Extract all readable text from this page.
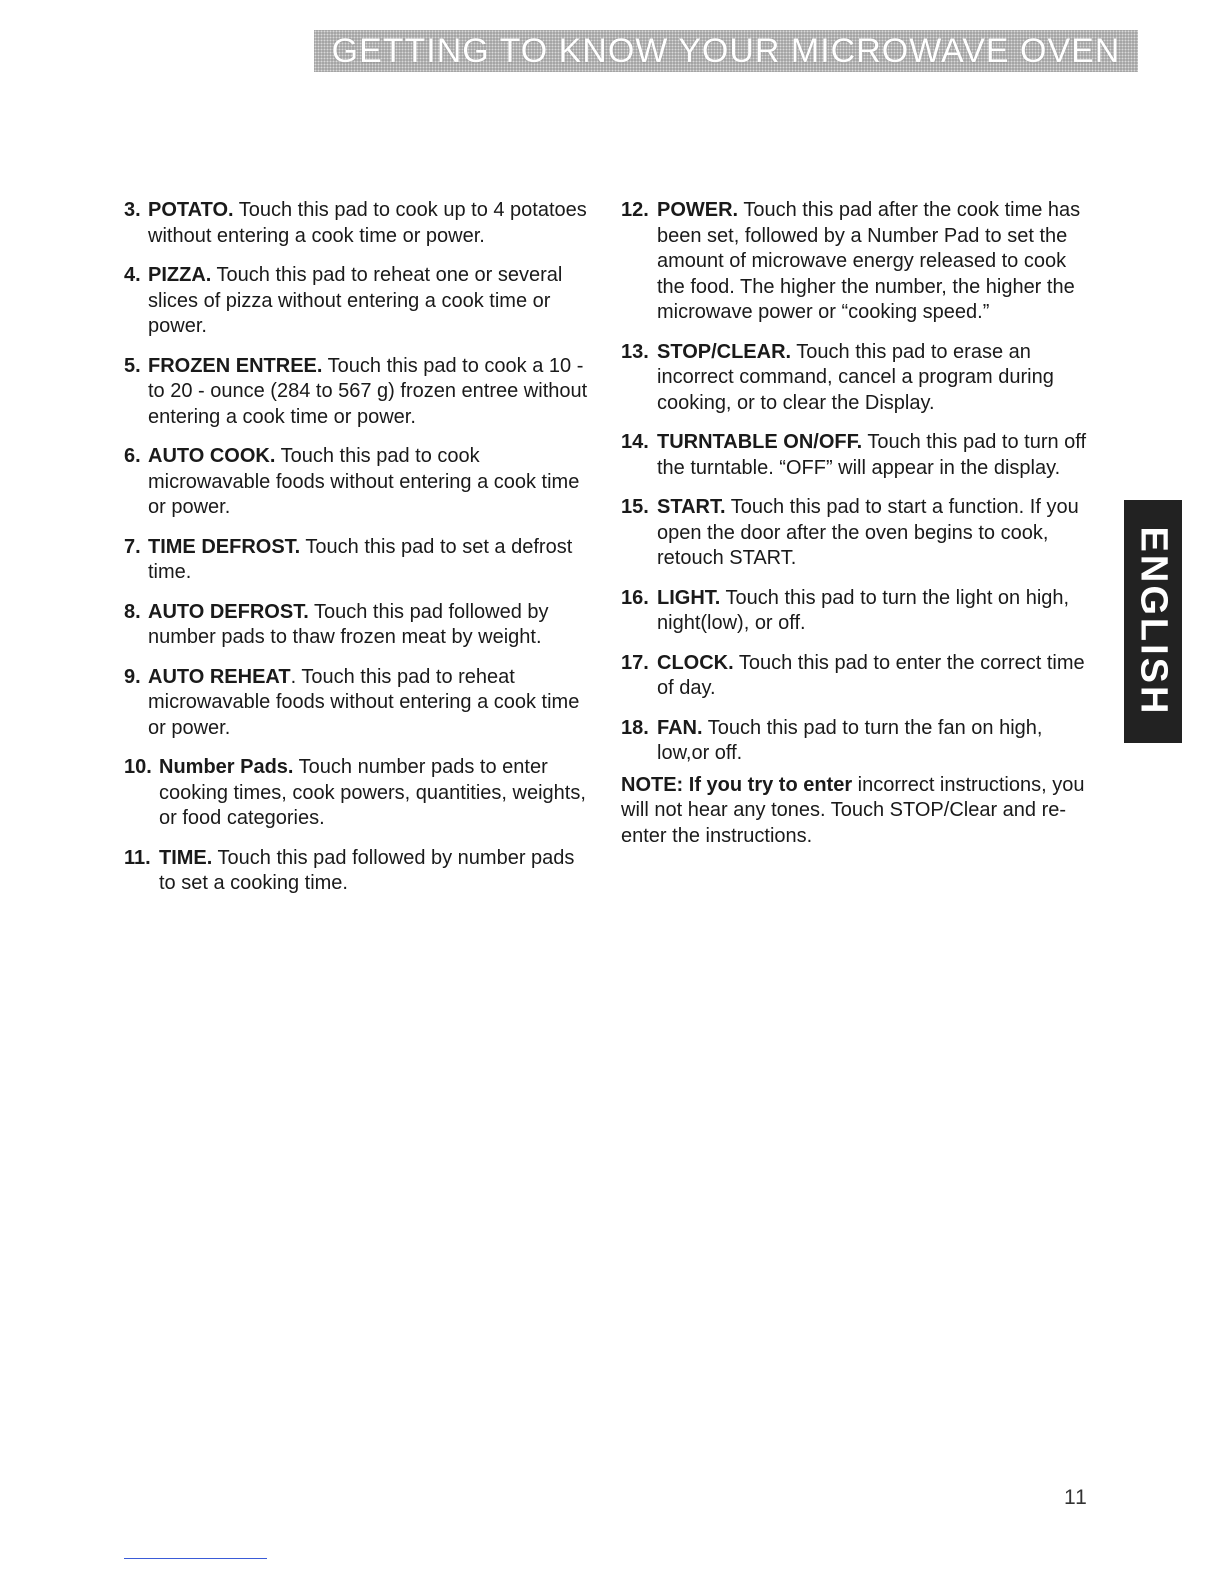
GETTING TO KNOW YOUR MICROWAVE OVEN
3. POTATO. Touch this pad to cook up to 4 potatoes without entering a cook time or power.
4. PIZZA. Touch this pad to reheat one or several slices of pizza without entering a cook time or power.
5. FROZEN ENTREE. Touch this pad to cook a 10 - to 20 - ounce (284 to 567 g) frozen entree without entering a cook time or power.
6. AUTO COOK. Touch this pad to cook microwavable foods without entering a cook time or power.
7. TIME DEFROST. Touch this pad to set a defrost time.
8. AUTO DEFROST. Touch this pad followed by number pads to thaw frozen meat by weight.
9. AUTO REHEAT. Touch this pad to reheat microwavable foods without entering a cook time or power.
10. Number Pads. Touch number pads to enter cooking times, cook powers, quantities, weights, or food categories.
11. TIME. Touch this pad followed by number pads to set a cooking time.
12. POWER. Touch this pad after the cook time has been set, followed by a Number Pad to set the amount of microwave energy released to cook the food. The higher the number, the higher the microwave power or “cooking speed.”
13. STOP/CLEAR. Touch this pad to erase an incorrect command, cancel a program during cooking, or to clear the Display.
14. TURNTABLE ON/OFF. Touch this pad to turn off the turntable. “OFF” will appear in the display.
15. START. Touch this pad to start a function. If you open the door after the oven begins to cook, retouch START.
16. LIGHT. Touch this pad to turn the light on high, night(low), or off.
17. CLOCK. Touch this pad to enter the correct time of day.
18. FAN. Touch this pad to turn the fan on high, low,or off.
NOTE: If you try to enter incorrect instructions, you will not hear any tones. Touch STOP/Clear and re-enter the instructions.
ENGLISH
11
